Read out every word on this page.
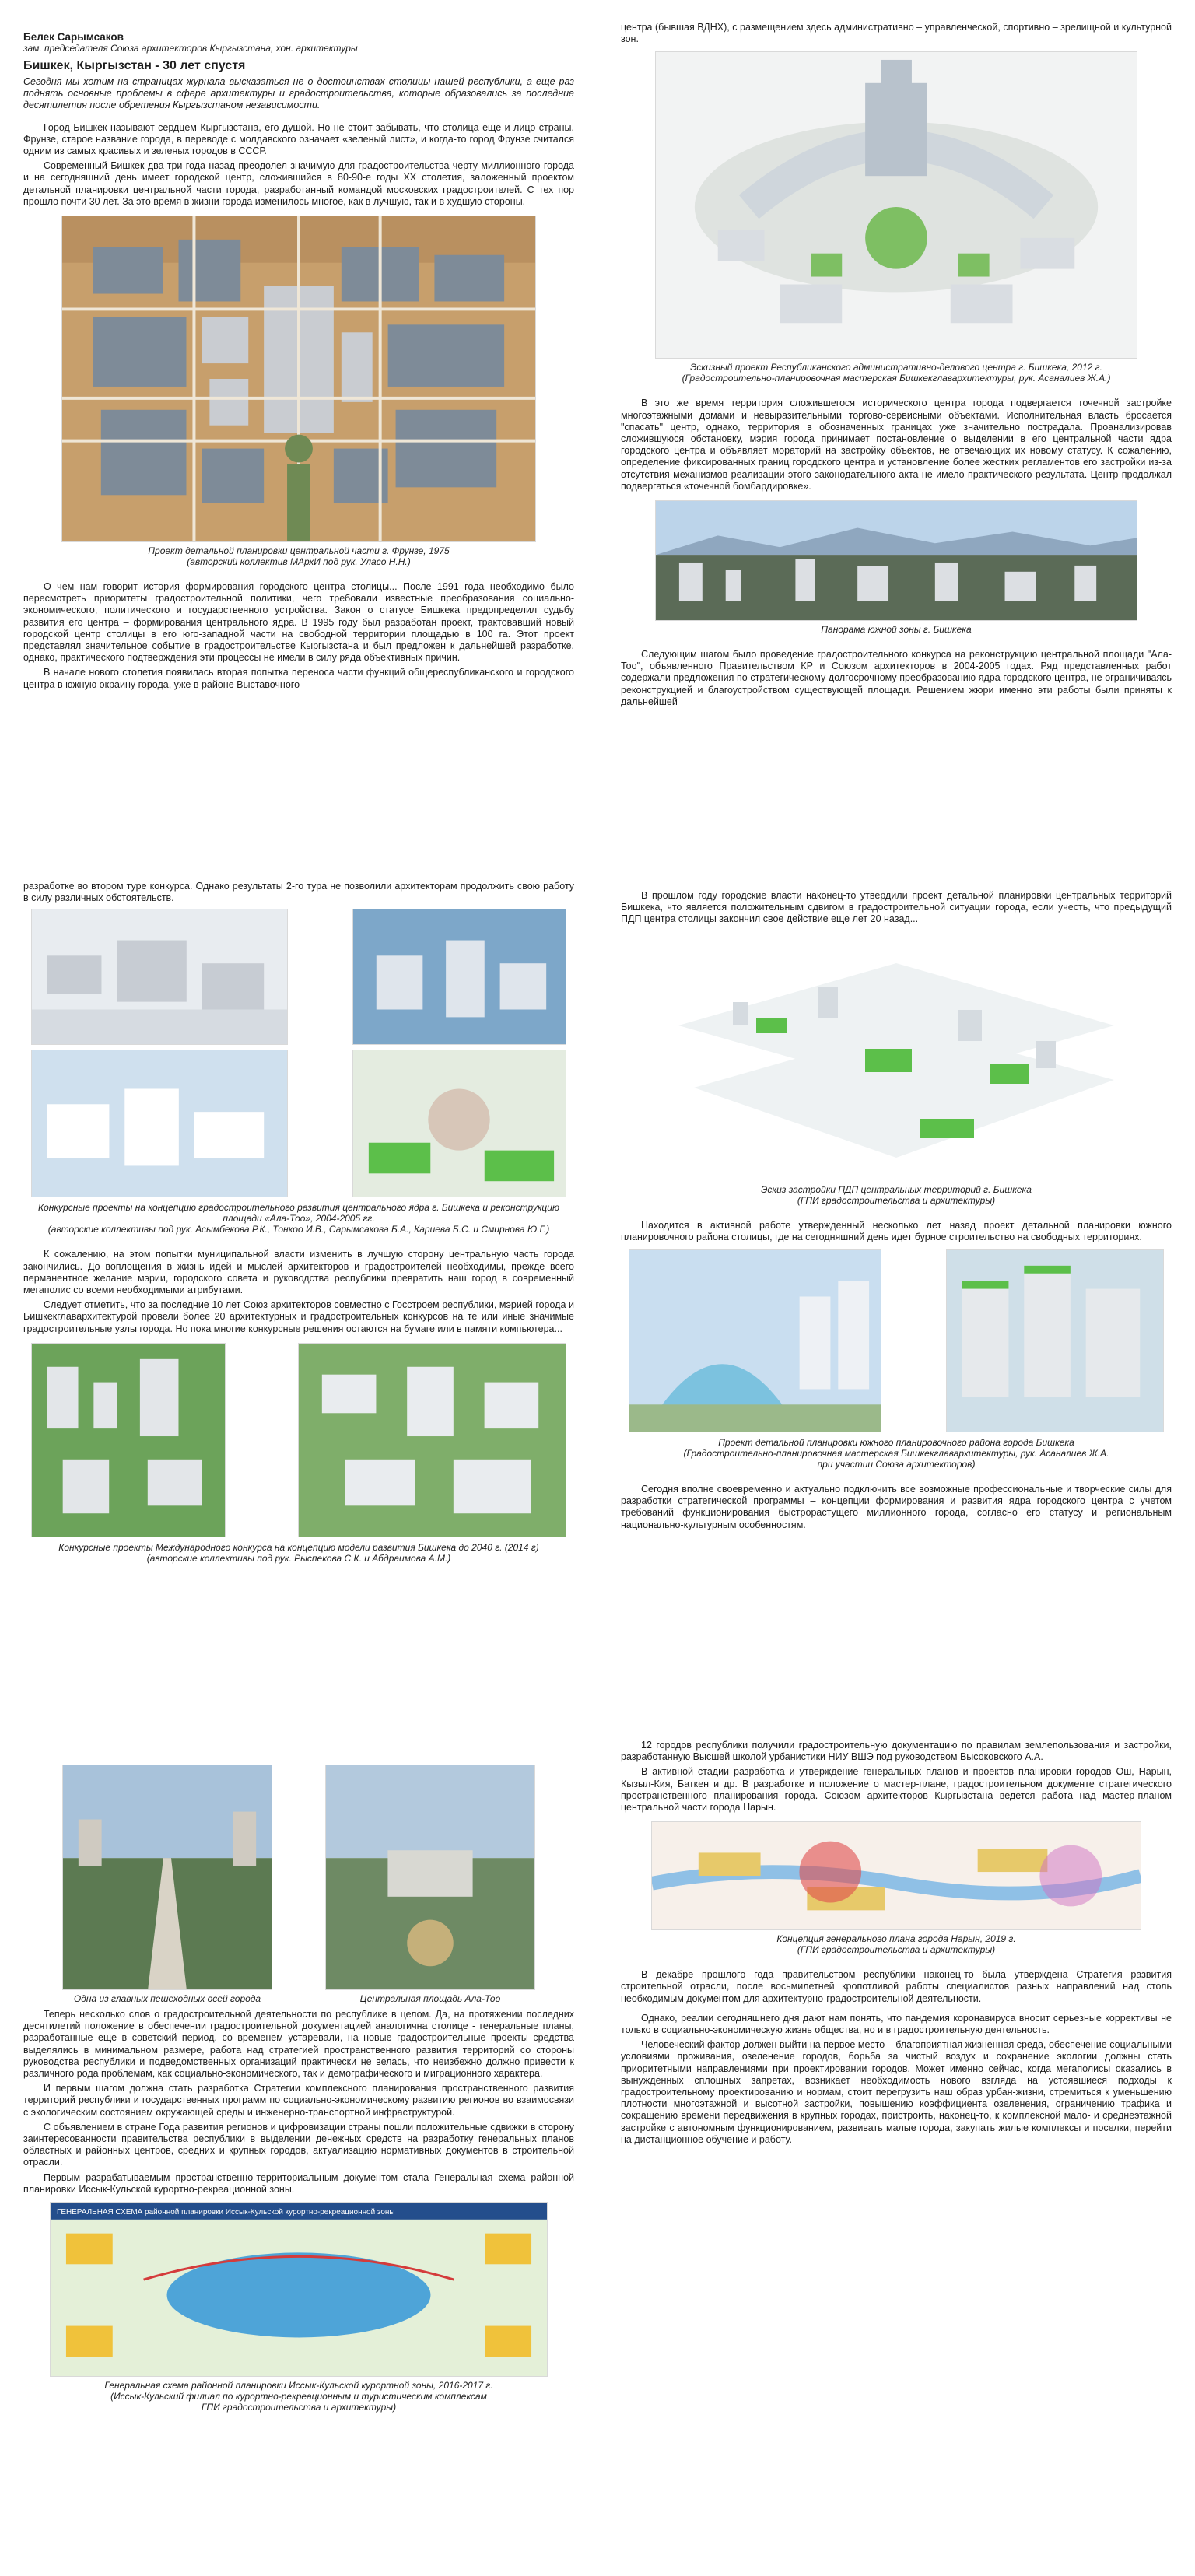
Белек Сарымсаков
зам. председателя Союза архитекторов Кыргызстана, хон. архитектуры
Бишкек, Кыргызстан - 30 лет спустя
Сегодня мы хотим на страницах журнала высказаться не о достоинствах столицы нашей республики, а еще раз поднять основные проблемы в сфере архитектуры и градостроительства, которые образовались за последние десятилетия после обретения Кыргызстаном независимости.

Город Бишкек называют сердцем Кыргызстана, его душой. Но не стоит забывать, что столица еще и лицо страны. Фрунзе, старое название города, в переводе с молдавского означает «зеленый лист», и когда-то город Фрунзе считался одним из самых красивых и зеленых городов в СССР.

Современный Бишкек два-три года назад преодолел значимую для градостроительства черту миллионного города и на сегодняшний день имеет городской центр, сложившийся в 80-90-е годы XX столетия, заложенный проектом детальной планировки центральной части города, разработанный командой московских градостроителей. С тех пор прошло почти 30 лет. За это время в жизни города изменилось многое, как в лучшую, так и в худшую стороны.

Проект детальной планировки центральной части г. Фрунзе, 1975
(авторский коллектив МАрхИ под рук. Уласо Н.Н.)

О чем нам говорит история формирования городского центра столицы... После 1991 года необходимо было пересмотреть приоритеты градостроительной политики, чего требовали известные преобразования социально-экономического, политического и государственного устройства. Закон о статусе Бишкека предопределил судьбу развития его центра – формирования центрального ядра. В 1995 году был разработан проект, трактовавший новый городской центр столицы в его юго-западной части на свободной территории площадью в 100 га. Этот проект представлял значительное событие в градостроительстве Кыргызстана и был предложен к дальнейшей разработке, однако, практического подтверждения эти процессы не имели в силу ряда объективных причин.

В начале нового столетия появилась вторая попытка переноса части функций общереспубликанского и городского центра в южную окраину города, уже в районе Выставочного

центра (бывшая ВДНХ), с размещением здесь административно – управленческой, спортивно – зрелищной и культурной зон.

Эскизный проект Республиканского административно-делового центра г. Бишкека, 2012 г.
(Градостроительно-планировочная мастерская Бишкекглавархитектуры, рук. Асаналиев Ж.А.)

В это же время территория сложившегося исторического центра города подвергается точечной застройке многоэтажными домами и невыразительными торгово-сервисными объектами. Исполнительная власть бросается "спасать" центр, однако, территория в обозначенных границах уже значительно пострадала. Проанализировав сложившуюся обстановку, мэрия города принимает постановление о выделении в его центральной части ядра городского центра и объявляет мораторий на застройку объектов, не отвечающих их новому статусу. К сожалению, определение фиксированных границ городского центра и установление более жестких регламентов его застройки из-за отсутствия механизмов реализации этого законодательного акта не имело практического результата. Центр продолжал подвергаться «точечной бомбардировке».

Панорама южной зоны г. Бишкека

Следующим шагом было проведение градостроительного конкурса на реконструкцию центральной площади "Ала-Тоо", объявленного Правительством КР и Союзом архитекторов в 2004-2005 годах. Ряд представленных работ содержали предложения по стратегическому долгосрочному преобразованию ядра городского центра, не ограничиваясь реконструкцией и благоустройством существующей площади. Решением жюри именно эти работы были приняты к дальнейшей

разработке во втором туре конкурса. Однако результаты 2-го тура не позволили архитекторам продолжить свою работу в силу различных обстоятельств.

Конкурсные проекты на концепцию градостроительного развития центрального ядра г. Бишкека и реконструкцию площади «Ала-Тоо», 2004-2005 гг.
(авторские коллективы под рук. Асымбекова Р.К., Тонкоо И.В., Сарымсакова Б.А., Кариева Б.С. и Смирнова Ю.Г.)

К сожалению, на этом попытки муниципальной власти изменить в лучшую сторону центральную часть города закончились. До воплощения в жизнь идей и мыслей архитекторов и градостроителей необходимы, прежде всего перманентное желание мэрии, городского совета и руководства республики превратить наш город в современный мегаполис со всеми необходимыми атрибутами.

Следует отметить, что за последние 10 лет Союз архитекторов совместно с Госстроем республики, мэрией города и Бишкекглавархитектурой провели более 20 архитектурных и градостроительных конкурсов на те или иные значимые градостроительные узлы города. Но пока многие конкурсные решения остаются на бумаге или в памяти компьютера...

Конкурсные проекты Международного конкурса на концепцию модели развития Бишкека до 2040 г. (2014 г)
(авторские коллективы под рук. Рыспекова С.К. и Абдраимова А.М.)

В прошлом году городские власти наконец-то утвердили проект детальной планировки центральных территорий Бишкека, что является положительным сдвигом в градостроительной ситуации города, если учесть, что предыдущий ПДП центра столицы закончил свое действие еще лет 20 назад...

Эскиз застройки ПДП центральных территорий г. Бишкека
(ГПИ градостроительства и архитектуры)

Находится в активной работе утвержденный несколько лет назад проект детальной планировки южного планировочного района столицы, где на сегодняшний день идет бурное строительство на свободных территориях.

Проект детальной планировки южного планировочного района города Бишкека
(Градостроительно-планировочная мастерская Бишкекглавархитектуры, рук. Асаналиев Ж.А.
при участии Союза архитекторов)

Сегодня вполне своевременно и актуально подключить все возможные профессиональные и творческие силы для разработки стратегической программы – концепции формирования и развития ядра городского центра с учетом требований функционирования быстрорастущего миллионного города, согласно его статусу и региональным национально-культурным особенностям.

Одна из главных пешеходных осей города	Центральная площадь Ала-Тоо

Теперь несколько слов о градостроительной деятельности по республике в целом. Да, на протяжении последних десятилетий положение в обеспечении градостроительной документацией аналогична столице - генеральные планы, разработанные еще в советский период, со временем устаревали, на новые градостроительные проекты средства выделялись в минимальном размере, работа над стратегией пространственного развития территорий со стороны руководства республики и подведомственных организаций практически не велась, что неизбежно должно привести к различного рода проблемам, как социально-экономического, так и демографического и миграционного характера.

И первым шагом должна стать разработка Стратегии комплексного планирования пространственного развития территорий республики и государственных программ по социально-экономическому развитию регионов во взаимосвязи с экологическим состоянием окружающей среды и инженерно-транспортной инфраструктурой.

С объявлением в стране Года развития регионов и цифровизации страны пошли положительные сдвижки в сторону заинтересованности правительства республики в выделении денежных средств на разработку генеральных планов областных и районных центров, средних и крупных городов, актуализацию нормативных документов в строительной отрасли.

Первым разрабатываемым пространственно-территориальным документом стала Генеральная схема районной планировки Иссык-Кульской курортно-рекреационной зоны.

ГЕНЕРАЛЬНАЯ СХЕМА районной планировки Иссык-Кульской курортно-рекреационной зоны
Генеральная схема районной планировки Иссык-Кульской курортной зоны, 2016-2017 г.
(Иссык-Кульский филиал по курортно-рекреационным и туристическим комплексам
ГПИ градостроительства и архитектуры)

12 городов республики получили градостроительную документацию по правилам землепользования и застройки, разработанную Высшей школой урбанистики НИУ ВШЭ под руководством Высоковского А.А.

В активной стадии разработка и утверждение генеральных планов и проектов планировки городов Ош, Нарын, Кызыл-Кия, Баткен и др. В разработке и положение о мастер-плане, градостроительном документе стратегического пространственного планирования города. Союзом архитекторов Кыргызстана ведется работа над мастер-планом центральной части города Нарын.

Концепция генерального плана города Нарын, 2019 г.
(ГПИ градостроительства и архитектуры)

В декабре прошлого года правительством республики наконец-то была утверждена Стратегия развития строительной отрасли, после восьмилетней кропотливой работы специалистов разных направлений над столь необходимым документом для архитектурно-градостроительной деятельности.

Однако, реалии сегодняшнего дня дают нам понять, что пандемия коронавируса вносит серьезные коррективы не только в социально-экономическую жизнь общества, но и в градостроительную деятельность.

Человеческий фактор должен выйти на первое место – благоприятная жизненная среда, обеспечение социальными условиями проживания, озеленение городов, борьба за чистый воздух и сохранение экологии должны стать приоритетными направлениями при проектировании городов. Может именно сейчас, когда мегаполисы оказались в вынужденных сплошных запретах, возникает необходимость нового взгляда на устоявшиеся подходы к градостроительному проектированию и нормам, стоит перегрузить наш образ урбан-жизни, стремиться к уменьшению плотности многоэтажной и высотной застройки, повышению коэффициента озеленения, ограничению трафика и сокращению времени передвижения в крупных городах, пристроить, наконец-то, к комплексной мало- и среднеэтажной застройке с автономным функционированием, развивать малые города, закупать жилые комплексы и поселки, перейти на дистанционное обучение и работу.
